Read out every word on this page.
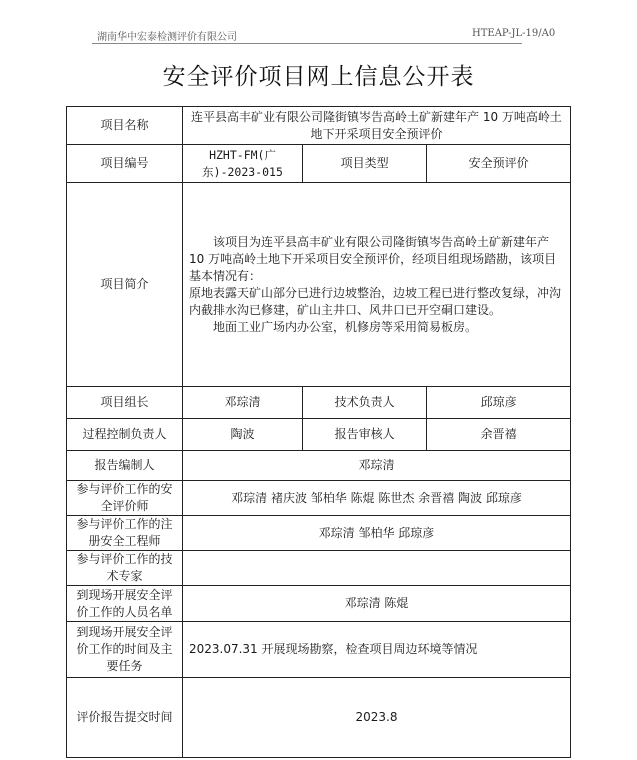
湖南华中宏泰检测评价有限公司	HTEAP-JL-19/A0
安全评价项目网上信息公开表
项目名称	连平县高丰矿业有限公司隆街镇岑告高岭土矿新建年产 10 万吨高岭土地下开采项目安全预评价		
项目编号	HZHT-FM(广东)-2023-015	项目类型	安全预评价
项目简介	该项目为连平县高丰矿业有限公司隆街镇岑告高岭土矿新建年产 10 万吨高岭土地下开采项目安全预评价，经项目组现场踏勘，该项目基本情况有：

原地表露天矿山部分已进行边坡整治，边坡工程已进行整改复绿，冲沟内截排水沟已修建，矿山主井口、风井口已开空硐口建设。

地面工业广场内办公室，机修房等采用简易板房。		

项目组长	邓琮清	技术负责人	邱琼彦
过程控制负责人	陶波	报告审核人	余晋禧
报告编制人	邓琮清		
参与评价工作的安全评价师	邓琮清 褚庆波 邹柏华 陈焜 陈世杰 余晋禧 陶波 邱琼彦		
参与评价工作的注册安全工程师	邓琮清 邹柏华 邱琼彦		
参与评价工作的技术专家			
到现场开展安全评价工作的人员名单	邓琮清 陈焜		
到现场开展安全评价工作的时间及主要任务	2023.07.31 开展现场勘察，检查项目周边环境等情况		
评价报告提交时间	2023.8		
